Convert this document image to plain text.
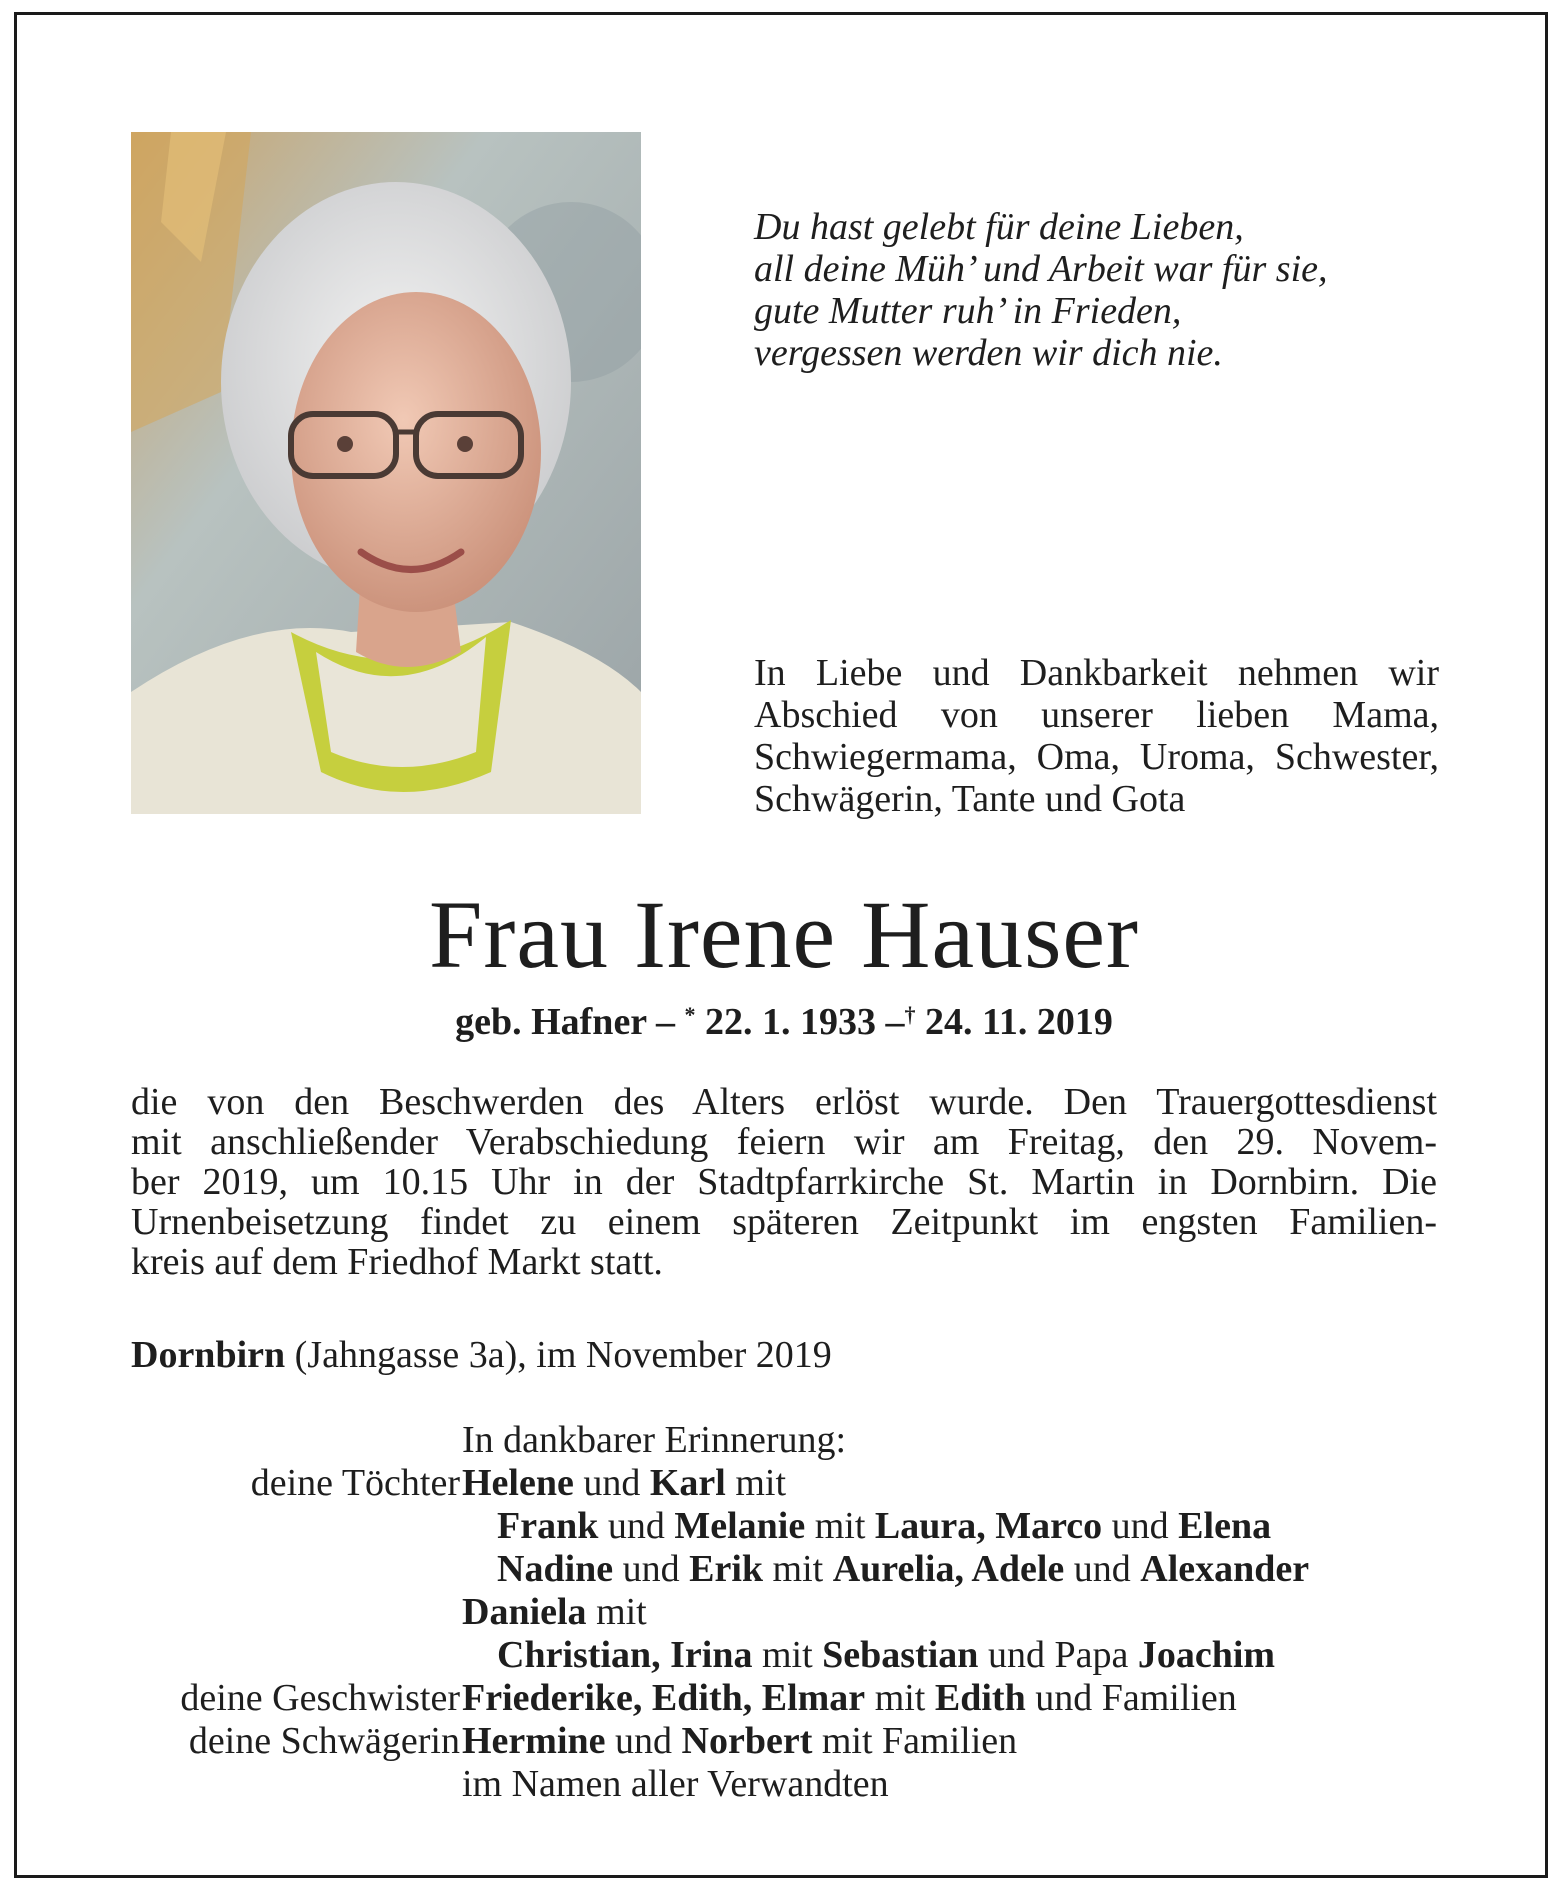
Du hast gelebt für deine Lieben,
all deine Müh’ und Arbeit war für sie,
gute Mutter ruh’ in Frieden,
vergessen werden wir dich nie.
In Liebe und Dankbarkeit nehmen wir Abschied von unserer lieben Mama, Schwiegermama, Oma, Uroma, Schwester, Schwägerin, Tante und Gota
Frau Irene Hauser
geb. Hafner – * 22. 1. 1933 –† 24. 11. 2019
die von den Beschwerden des Alters erlöst wurde. Den Trauergottesdienst
mit anschließender Verabschiedung feiern wir am Freitag, den 29. Novem-
ber 2019, um 10.15 Uhr in der Stadtpfarrkirche St. Martin in Dornbirn. Die
Urnenbeisetzung findet zu einem späteren Zeitpunkt im engsten Familien-
kreis auf dem Friedhof Markt statt.
Dornbirn (Jahngasse 3a), im November 2019
In dankbarer Erinnerung:
deine Töchter Helene und Karl mit
Frank und Melanie mit Laura, Marco und Elena
Nadine und Erik mit Aurelia, Adele und Alexander
Daniela mit
Christian, Irina mit Sebastian und Papa Joachim
deine Geschwister Friederike, Edith, Elmar mit Edith und Familien
deine Schwägerin Hermine und Norbert mit Familien
im Namen aller Verwandten
